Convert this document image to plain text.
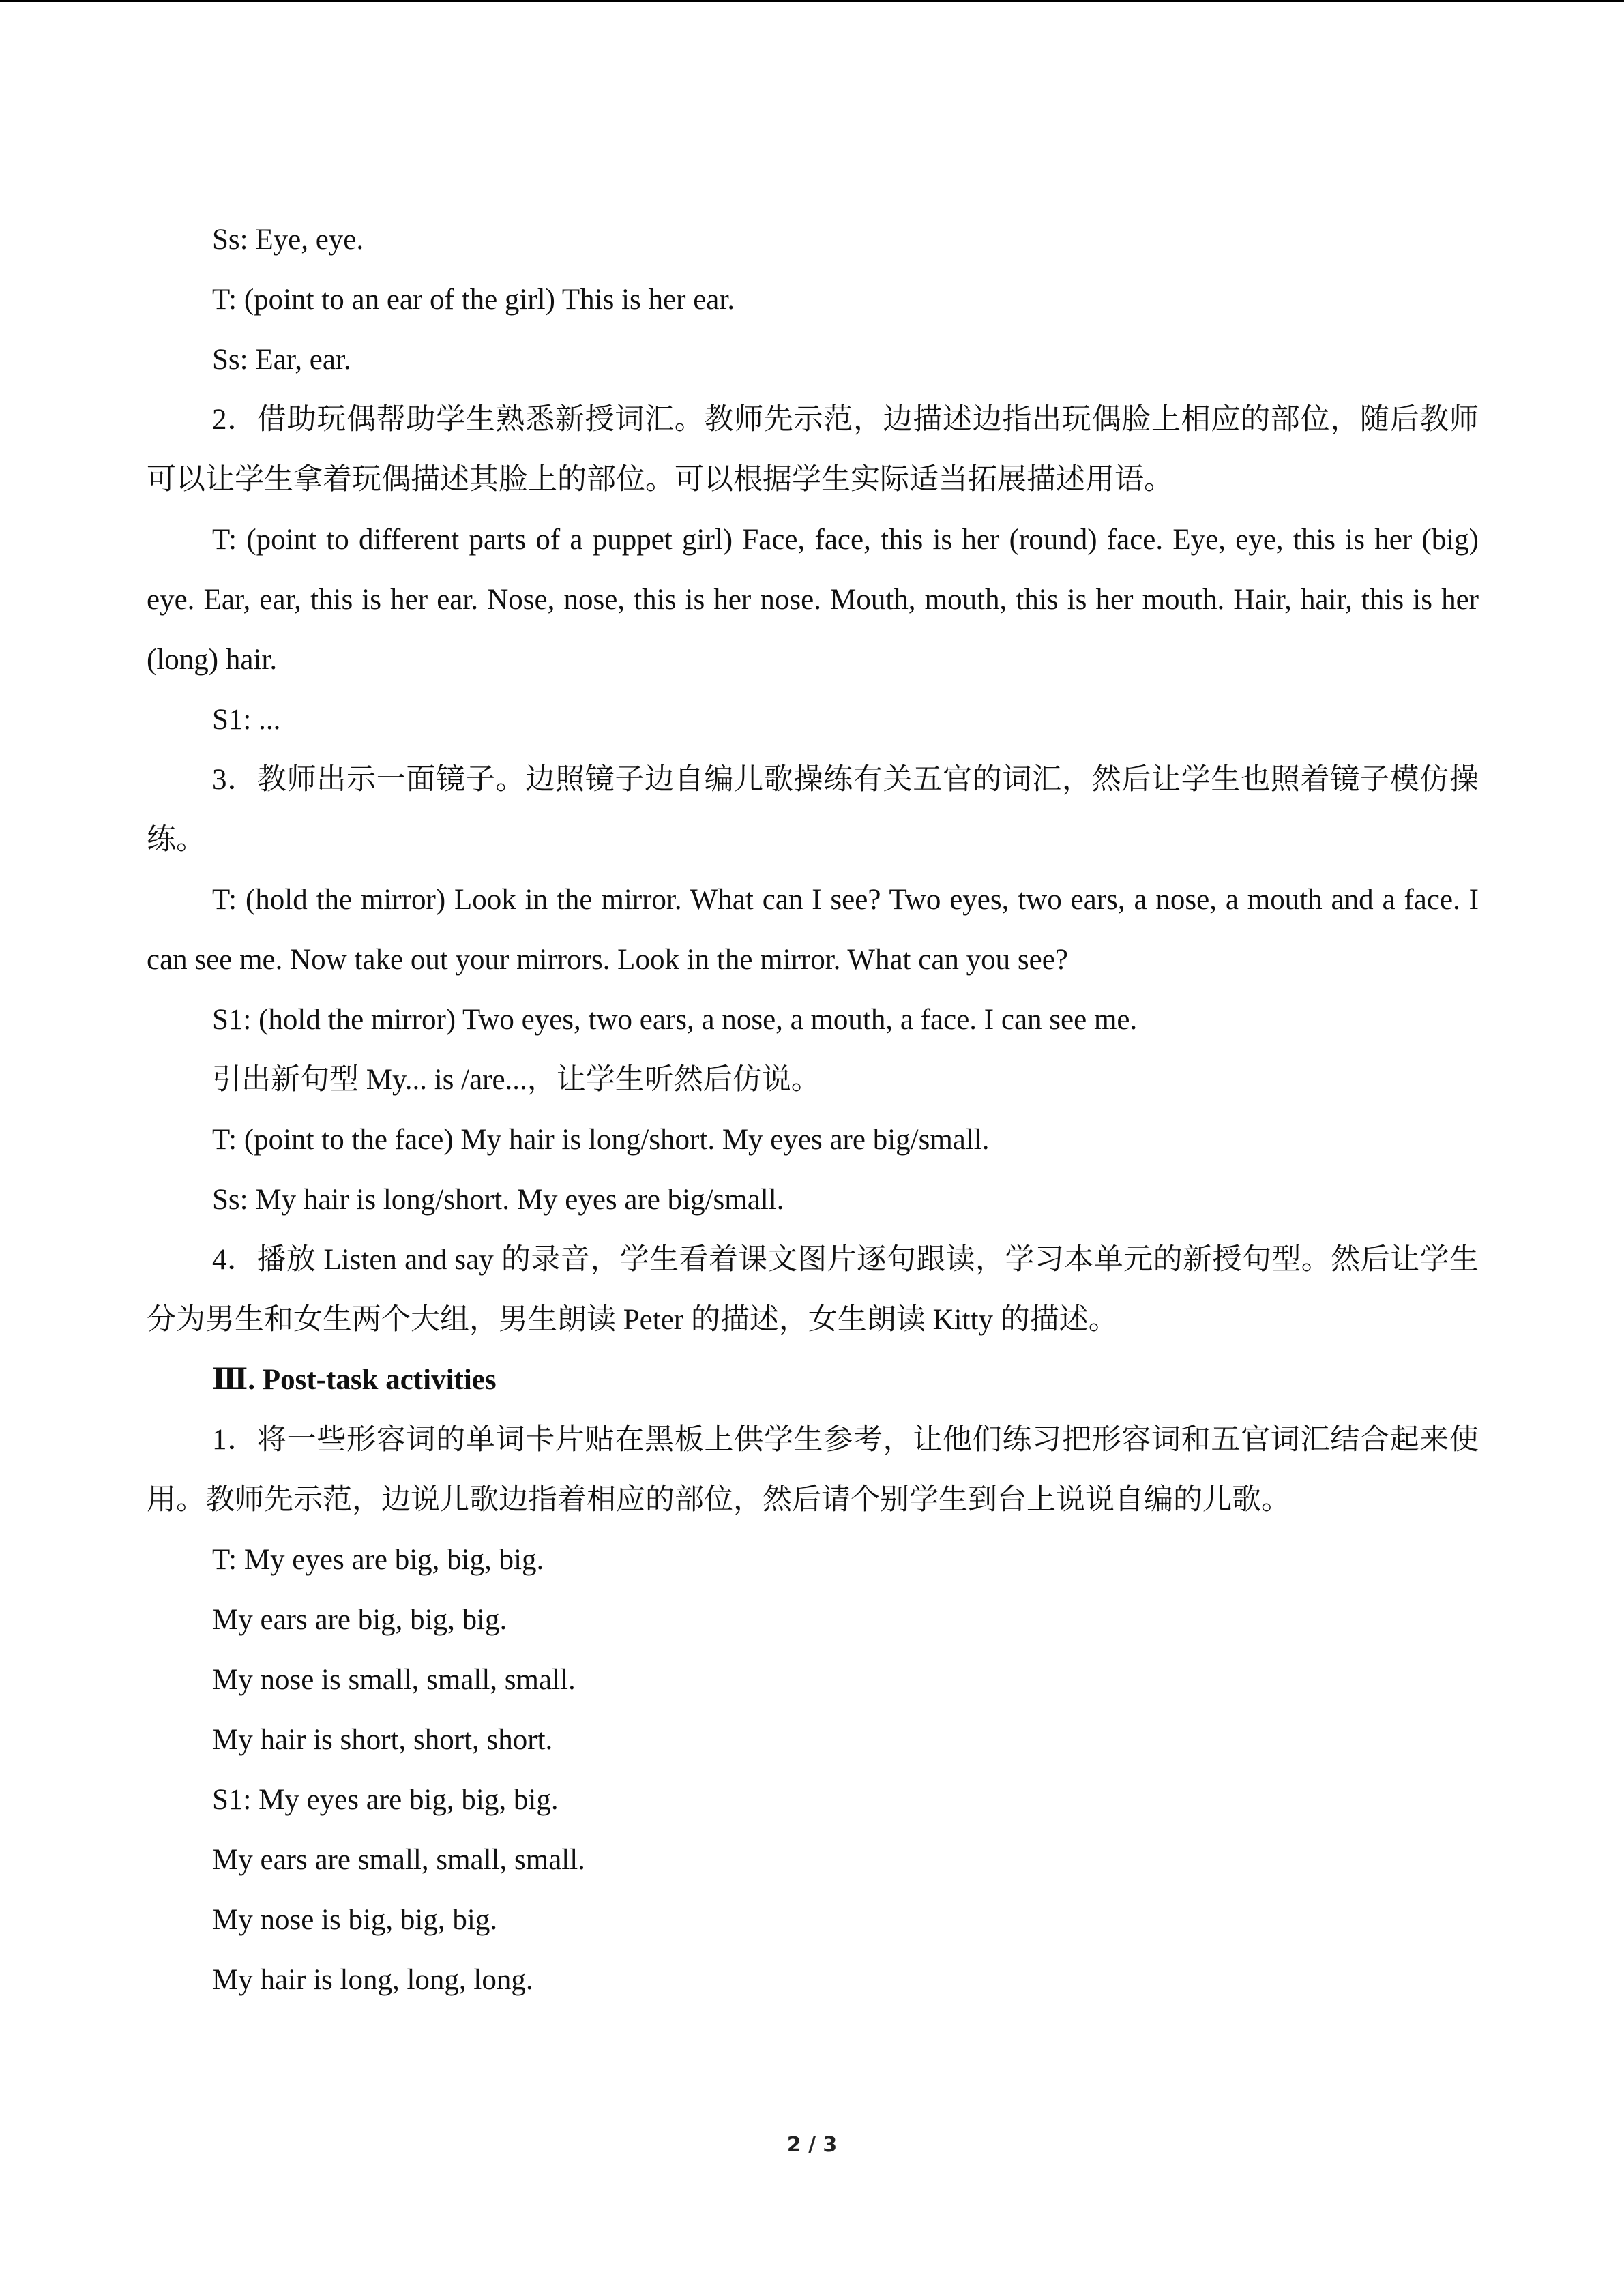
Ss: Eye, eye.

T: (point to an ear of the girl) This is her ear.

Ss: Ear, ear.

2．借助玩偶帮助学生熟悉新授词汇。教师先示范，边描述边指出玩偶脸上相应的部位，随后教师可以让学生拿着玩偶描述其脸上的部位。可以根据学生实际适当拓展描述用语。

T: (point to different parts of a puppet girl) Face, face, this is her (round) face. Eye, eye, this is her (big) eye. Ear, ear, this is her ear. Nose, nose, this is her nose. Mouth, mouth, this is her mouth. Hair, hair, this is her (long) hair.

S1: ...

3．教师出示一面镜子。边照镜子边自编儿歌操练有关五官的词汇，然后让学生也照着镜子模仿操练。

T: (hold the mirror) Look in the mirror. What can I see? Two eyes, two ears, a nose, a mouth and a face. I can see me. Now take out your mirrors. Look in the mirror. What can you see?

S1: (hold the mirror) Two eyes, two ears, a nose, a mouth, a face. I can see me.

引出新句型 My... is /are...，让学生听然后仿说。

T: (point to the face) My hair is long/short. My eyes are big/small.

Ss: My hair is long/short. My eyes are big/small.

4．播放 Listen and say 的录音，学生看着课文图片逐句跟读，学习本单元的新授句型。然后让学生分为男生和女生两个大组，男生朗读 Peter 的描述，女生朗读 Kitty 的描述。

Ⅲ. Post-task activities

1．将一些形容词的单词卡片贴在黑板上供学生参考，让他们练习把形容词和五官词汇结合起来使用。教师先示范，边说儿歌边指着相应的部位，然后请个别学生到台上说说自编的儿歌。

T: My eyes are big, big, big.

My ears are big, big, big.

My nose is small, small, small.

My hair is short, short, short.

S1: My eyes are big, big, big.

My ears are small, small, small.

My nose is big, big, big.

My hair is long, long, long.

2 / 3
